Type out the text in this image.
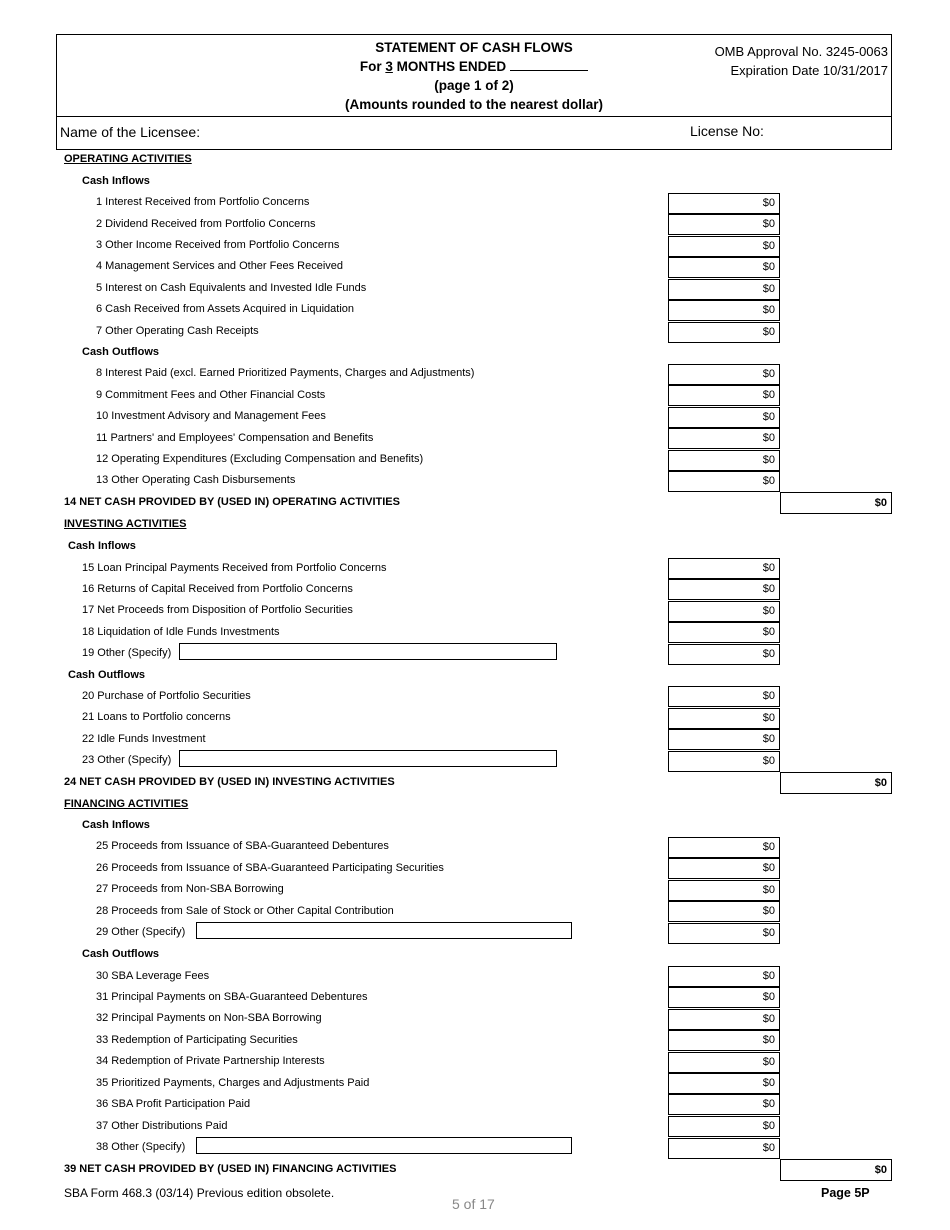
STATEMENT OF CASH FLOWS
For 3 MONTHS ENDED
(page 1 of 2)
(Amounts rounded to the nearest dollar)
OMB Approval No. 3245-0063
Expiration Date 10/31/2017
Name of the Licensee:	License No:
OPERATING ACTIVITIES
Cash Inflows
1 Interest Received from Portfolio Concerns	$0
2 Dividend Received from Portfolio Concerns	$0
3 Other Income Received from Portfolio Concerns	$0
4 Management Services and Other Fees Received	$0
5 Interest on Cash Equivalents and Invested Idle Funds	$0
6 Cash Received from Assets Acquired in Liquidation	$0
7 Other Operating Cash Receipts	$0
Cash Outflows
8 Interest Paid (excl. Earned Prioritized Payments, Charges and Adjustments)	$0
9 Commitment Fees and Other Financial Costs	$0
10 Investment Advisory and Management Fees	$0
11 Partners' and Employees' Compensation and Benefits	$0
12 Operating Expenditures (Excluding Compensation and Benefits)	$0
13 Other Operating Cash Disbursements	$0
14 NET CASH PROVIDED BY (USED IN) OPERATING ACTIVITIES	$0
INVESTING ACTIVITIES
Cash Inflows
15 Loan Principal Payments Received from Portfolio Concerns	$0
16 Returns of Capital Received from Portfolio Concerns	$0
17 Net Proceeds from Disposition of Portfolio Securities	$0
18 Liquidation of Idle Funds Investments	$0
19 Other (Specify)	$0
Cash Outflows
20 Purchase of Portfolio Securities	$0
21 Loans to Portfolio concerns	$0
22 Idle Funds Investment	$0
23 Other (Specify)	$0
24 NET CASH PROVIDED BY (USED IN) INVESTING ACTIVITIES	$0
FINANCING ACTIVITIES
Cash Inflows
25 Proceeds from Issuance of SBA-Guaranteed Debentures	$0
26 Proceeds from Issuance of SBA-Guaranteed Participating Securities	$0
27 Proceeds from Non-SBA Borrowing	$0
28 Proceeds from Sale of Stock or Other Capital Contribution	$0
29 Other (Specify)	$0
Cash Outflows
30 SBA Leverage Fees	$0
31 Principal Payments on SBA-Guaranteed Debentures	$0
32 Principal Payments on Non-SBA Borrowing	$0
33 Redemption of Participating Securities	$0
34 Redemption of Private Partnership Interests	$0
35 Prioritized Payments, Charges and Adjustments Paid	$0
36 SBA Profit Participation Paid	$0
37 Other Distributions Paid	$0
38 Other (Specify)	$0
39 NET CASH PROVIDED BY (USED IN) FINANCING ACTIVITIES	$0
SBA Form 468.3 (03/14) Previous edition obsolete.
5 of 17
Page 5P
